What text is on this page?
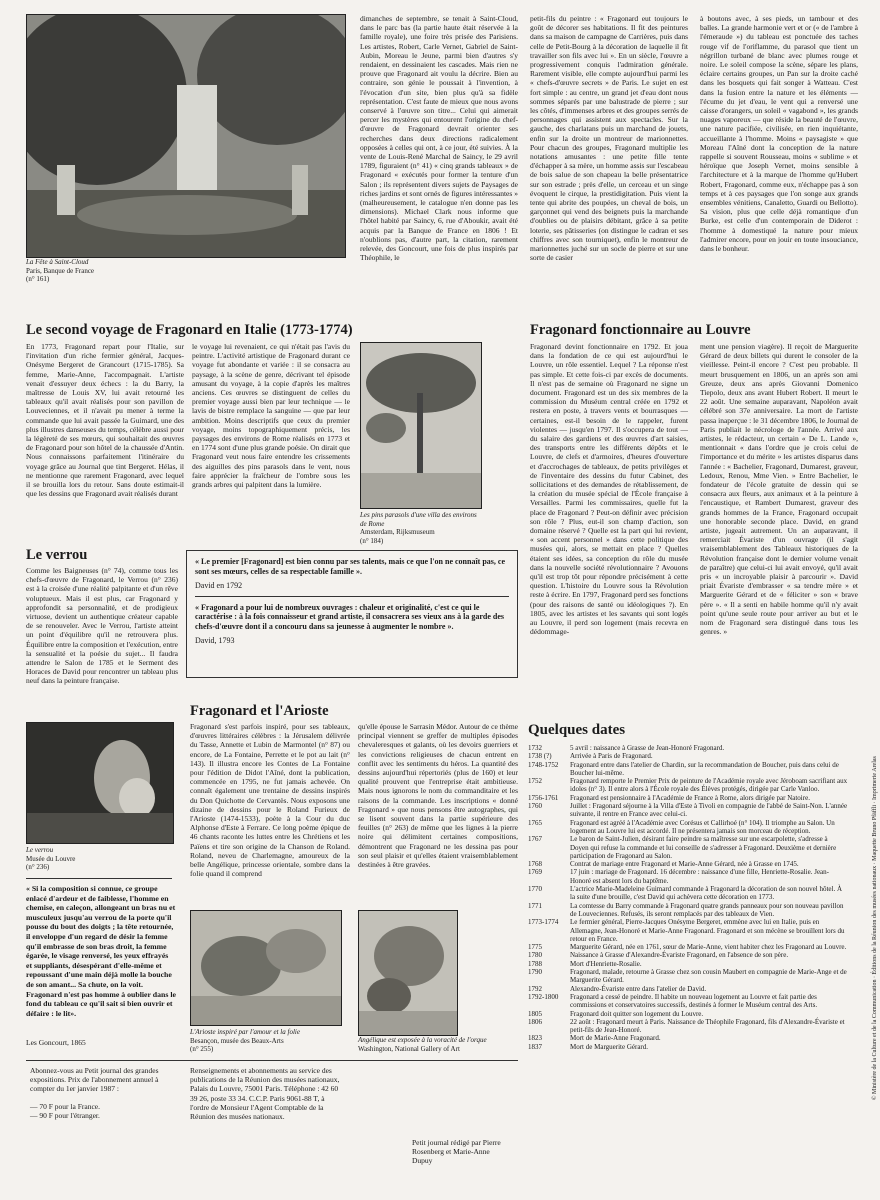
La Fête à Saint-Cloud
Paris, Banque de France
(n° 161)
dimanches de septembre, se tenait à Saint-Cloud, dans le parc bas (la partie haute était réservée à la famille royale), une foire très prisée des Parisiens. Les artistes, Robert, Carle Vernet, Gabriel de Saint-Aubin, Moreau le Jeune, parmi bien d'autres s'y rendaient, en dessinaient les cascades. Mais rien ne prouve que Fragonard ait voulu la décrire. Bien au contraire, son génie le poussait à l'invention, à l'évocation d'un site, bien plus qu'à sa fidèle représentation. C'est faute de mieux que nous avons conservé à l'œuvre son titre... Celui qui aimerait percer les mystères qui entourent l'origine du chef-d'œuvre de Fragonard devrait orienter ses recherches dans deux directions radicalement opposées à celles qui ont, à ce jour, été suivies. À la vente de Louis-René Marchal de Saincy, le 29 avril 1789, figuraient (n° 41) « cinq grands tableaux » de Fragonard « exécutés pour former la tenture d'un Salon ; ils représentent divers sujets de Paysages de riches jardins et sont ornés de figures intéressantes » (malheureusement, le catalogue n'en donne pas les dimensions). Michael Clark nous informe que l'hôtel habité par Saincy, 6, rue d'Aboukir, avait été acquis par la Banque de France en 1806 ! Et n'oublions pas, d'autre part, la citation, rarement relevée, des Goncourt, une fois de plus inspirés par Théophile, le
petit-fils du peintre : « Fragonard eut toujours le goût de décorer ses habitations. Il fit des peintures dans sa maison de campagne de Carrières, puis dans celle de Petit-Bourg à la décoration de laquelle il fit travailler son fils avec lui ». En un siècle, l'œuvre a progressivement conquis l'admiration générale. Rarement visible, elle compte aujourd'hui parmi les « chefs-d'œuvre secrets » de Paris. Le sujet en est fort simple : au centre, un grand jet d'eau dont nous sommes séparés par une balustrade de pierre ; sur les côtés, d'immenses arbres et des groupes serrés de personnages qui assistent aux spectacles. Sur la gauche, des charlatans puis un marchand de jouets, enfin sur la droite un montreur de marionnettes. Pour chacun des groupes, Fragonard multiplie les notations amusantes : une petite fille tente d'échapper à sa mère, un homme assis sur l'escabeau de bois salue de son chapeau la belle présentatrice sur son estrade ; près d'elle, un cerceau et un singe évoquent le cirque, la prestidigitation. Puis vient la tente qui abrite des poupées, un cheval de bois, un garçonnet qui vend des beignets puis la marchande d'oublies ou de plaisirs débitant, grâce à sa petite loterie, ses pâtisseries (on distingue le cadran et ses chiffres avec son tourniquet), enfin le montreur de marionnettes juché sur un socle de pierre et sur une sorte de casier
à boutons avec, à ses pieds, un tambour et des balles. La grande harmonie vert et or (« de l'ambre à l'émeraude ») du tableau est ponctuée des taches rouge vif de l'oriflamme, du parasol que tient un négrillon turbané de blanc avec plumes rouge et noire. Le soleil compose la scène, sépare les plans, éclaire certains groupes, un Pan sur la droite caché dans les bosquets qui fait songer à Watteau. C'est dans la fusion entre la nature et les éléments — l'écume du jet d'eau, le vent qui a renversé une caisse d'orangers, un soleil « vagabond », les grands nuages vaporeux — que réside la beauté de l'œuvre, une nature pacifiée, civilisée, en rien inquiétante, accueillante à l'homme. Moins « paysagiste » que Moreau l'Aîné dont la conception de la nature rappelle si souvent Rousseau, moins « sublime » et héroïque que Joseph Vernet, moins sensible à l'architecture et à la marque de l'homme qu'Hubert Robert, Fragonard, comme eux, n'échappe pas à son temps et à ces paysages que l'on songe aux grands ensembles vénitiens, Canaletto, Guardi ou Bellotto). Sa vision, plus que celle déjà romantique d'un Burke, est celle d'un contemporain de Diderot : l'homme à domestiqué la nature pour mieux l'admirer encore, pour en jouir en toute insouciance, dans le bonheur.
Le second voyage de Fragonard en Italie (1773-1774)
En 1773, Fragonard repart pour l'Italie, sur l'invitation d'un riche fermier général, Jacques-Onésyme Bergeret de Grancourt (1715-1785). Sa femme, Marie-Anne, l'accompagnait. L'artiste venait d'essuyer deux échecs : la du Barry, la maîtresse de Louis XV, lui avait retourné les tableaux qu'il avait réalisés pour son pavillon de Louveciennes, et il n'avait pu mener à terme la commande que lui avait passée la Guimard, une des plus illustres danseuses du temps, célèbre aussi pour la légèreté de ses mœurs, qui souhaitait des œuvres de Fragonard pour son hôtel de la chaussée d'Antin. Nous connaissons parfaitement l'itinéraire du voyage grâce au Journal que tint Bergeret. Hélas, il ne mentionne que rarement Fragonard, avec lequel il se brouilla lors du retour. Sans doute estimait-il que les dessins que Fragonard avait réalisés durant
le voyage lui revenaient, ce qui n'était pas l'avis du peintre. L'activité artistique de Fragonard durant ce voyage fut abondante et variée : il se consacra au paysage, à la scène de genre, décrivant tel épisode amusant du voyage, à la copie d'après les maîtres anciens. Ces œuvres se distinguent de celles du premier voyage aussi bien par leur technique — le lavis de bistre remplace la sanguine — que par leur ambition. Moins descriptifs que ceux du premier voyage, moins topographiquement précis, les paysages des environs de Rome réalisés en 1773 et en 1774 sont d'une plus grande poésie. On dirait que Fragonard veut nous faire entendre les crissements des aiguilles des pins parasols dans le vent, nous faire apprécier la fraîcheur de l'ombre sous les grands arbres qui palpitent dans la lumière.
Les pins parasols d'une villa des environs de Rome
Amsterdam, Rijksmuseum
(n° 184)
Fragonard fonctionnaire au Louvre
Fragonard devint fonctionnaire en 1792. Et joua dans la fondation de ce qui est aujourd'hui le Louvre, un rôle essentiel. Lequel ? La réponse n'est pas simple. Et cette fois-ci par excès de documents. Il n'est pas de semaine où Fragonard ne signe un document. Fragonard est un des six membres de la commission du Muséum central créée en 1792 et restera en poste, à travers vents et bourrasques — certaines, est-il besoin de le rappeler, furent violentes — jusqu'en 1797. Il s'occupera de tout — du salaire des gardiens et des œuvres d'art saisies, des transports entre les différents dépôts et le Louvre, de clefs et d'armoires, d'heures d'ouverture et d'accrochages de tableaux, de petits privilèges et de l'inventaire des dessins du futur Cabinet, des sollicitations et des demandes de rétablissement, de la création du musée spécial de l'École française à Versailles. Parmi les commissaires, quelle fut la place de Fragonard ? Peut-on définir avec précision son rôle ? Plus, eut-il son champ d'action, son domaine réservé ? Quelle est la part qui lui revient, « son accent personnel » dans cette politique des musées qui, alors, se mettait en place ? Quelles étaient ses idées, sa conception du rôle du musée dans la nouvelle société révolutionnaire ? Avouons qu'il est trop tôt pour répondre précisément à cette question. L'histoire du Louvre sous la Révolution reste à écrire. En 1797, Fragonard perd ses fonctions (pour des raisons de santé ou idéologiques ?). En 1805, avec les artistes et les savants qui sont logés au Louvre, il perd son logement (mais recevra en dédommage-
ment une pension viagère). Il reçoit de Marguerite Gérard de deux billets qui durent le consoler de la vieillesse. Peint-il encore ? C'est peu probable. Il meurt brusquement en 1806, un an après son ami Greuze, deux ans après Giovanni Domenico Tiepolo, deux ans avant Hubert Robert. Il meurt le 22 août. Une semaine auparavant, Napoléon avait célébré son 37e anniversaire. La mort de l'artiste passa inaperçue : le 31 décembre 1806, le Journal de Paris publiait le nécrologe de l'année. Arrivé aux artistes, le rédacteur, un certain « De L. Lande », mentionnait « dans l'ordre que je crois celui de l'importance et du mérite » les artistes disparus dans l'année : « Bachelier, Fragonard, Dumarest, graveur, Ledoux, Renou, Mme Vien. » Entre Bachelier, le fondateur de l'école gratuite de dessin qui se consacra aux fleurs, aux animaux et à la peinture à l'encaustique, et Rambert Dumarest, graveur des grands hommes de la France, Fragonard occupait une honorable seconde place. David, en grand artiste, jugeait autrement. Un an auparavant, il remerciait Évariste d'un ouvrage (il s'agit vraisemblablement des Tableaux historiques de la Révolution française dont le dernier volume venait de paraître) que celui-ci lui avait envoyé, qu'il avait pris « un incroyable plaisir à parcourir ». David priait Évariste d'embrasser « sa tendre mère » et Marguerite Gérard et de « féliciter » son « brave père ». « Il a senti en habile homme qu'il n'y avait point qu'une seule route pour arriver au but et le nom de Fragonard sera distingué dans tous les genres. »
Le verrou
Comme les Baigneuses (n° 74), comme tous les chefs-d'œuvre de Fragonard, le Verrou (n° 236) est à la croisée d'une réalité palpitante et d'un rêve voluptueux. Mais il est plus, car Fragonard y approfondit sa personnalité, et de prodigieux virtuose, devient un authentique créateur capable de se renouveler. Avec le Verrou, l'artiste atteint un point d'équilibre qu'il ne retrouvera plus. Équilibre entre la composition et l'exécution, entre la sensualité et la poésie du sujet... Il faudra attendre le Salon de 1785 et le Serment des Horaces de David pour rencontrer un tableau plus neuf dans la peinture française.
« Le premier [Fragonard] est bien connu par ses talents, mais ce que l'on ne connaît pas, ce sont ses mœurs, celles de sa respectable famille ».
David en 1792
« Fragonard a pour lui de nombreux ouvrages : chaleur et originalité, c'est ce qui le caractérise : à la fois connaisseur et grand artiste, il consacrera ses vieux ans à la garde des chefs-d'œuvre dont il a concouru dans sa jeunesse à augmenter le nombre ».
David, 1793
Fragonard et l'Arioste
Fragonard s'est parfois inspiré, pour ses tableaux, d'œuvres littéraires célèbres : la Jérusalem délivrée du Tasse, Annette et Lubin de Marmontel (n° 87) ou encore, de La Fontaine, Perrette et le pot au lait (n° 143). Il illustra encore les Contes de La Fontaine pour l'édition de Didot l'Aîné, dont la publication, commencée en 1795, ne fut jamais achevée. On connaît également une trentaine de dessins inspirés du Don Quichotte de Cervantès. Nous exposons une dizaine de dessins pour le Roland Furieux de l'Arioste (1474-1533), poète à la Cour du duc Alphonse d'Este à Ferrare. Ce long poème épique de 46 chants raconte les luttes entre les Chrétiens et les Païens et tire son origine de la Chanson de Roland. Roland, neveu de Charlemagne, amoureux de la belle Angélique, princesse orientale, sombre dans la folie quand il comprend
qu'elle épouse le Sarrasin Médor. Autour de ce thème principal viennent se greffer de multiples épisodes chevaleresques et galants, où les devoirs guerriers et les convictions religieuses de chacun entrent en conflit avec les sentiments du héros. La quantité des dessins aujourd'hui répertoriés (plus de 160) et leur qualité prouvent que l'entreprise était ambitieuse. Mais nous ignorons le nom du commanditaire et les raisons de la commande. Les inscriptions « donné Fragonard » que nous pensons être autographes, qui se lisent souvent dans la partie supérieure des feuilles (n° 263) de même que les lignes à la pierre noire qui délimitent certaines compositions, démontrent que Fragonard ne les dessina pas pour son seul plaisir et qu'elles étaient vraisemblablement destinées à être gravées.
L'Arioste inspiré par l'amour et la folie
Besançon, musée des Beaux-Arts
(n° 255)
Angélique est exposée à la voracité de l'orque
Washington, National Gallery of Art
Le verrou
Musée du Louvre
(n° 236)
« Si la composition si connue, ce groupe enlacé d'ardeur et de faiblesse, l'homme en chemise, en caleçon, allongeant un bras nu et musculeux jusqu'au verrou de la porte qu'il pousse du bout des doigts ; la tête retournée, il enveloppe d'un regard de désir la femme qu'il embrasse de son bras droit, la femme égarée, le visage renversé, les yeux effrayés et suppliants, désespérant d'elle-même et repoussant d'une main déjà molle la bouche de son amant... Sa chute, on la voit. Fragonard n'est pas homme à oublier dans le fond du tableau ce qu'il sait si bien ouvrir et défaire : le lit».
Les Goncourt, 1865
Quelques dates
1732	5 avril : naissance à Grasse de Jean-Honoré Fragonard.
1738 (?)	Arrivée à Paris de Fragonard.
1748-1752	Fragonard entre dans l'atelier de Chardin, sur la recommandation de Boucher, puis dans celui de Boucher lui-même.
1752	Fragonard remporte le Premier Prix de peinture de l'Académie royale avec Jéroboam sacrifiant aux idoles (n° 3). Il entre alors à l'École royale des Élèves protégés, dirigée par Carle Vanloo.
1756-1761	Fragonard est pensionnaire à l'Académie de France à Rome, alors dirigée par Natoire.
1760	Juillet : Fragonard séjourne à la Villa d'Este à Tivoli en compagnie de l'abbé de Saint-Non. L'année suivante, il rentre en France avec celui-ci.
1765	Fragonard est agréé à l'Académie avec Corésus et Callirhoé (n° 104). Il triomphe au Salon. Un logement au Louvre lui est accordé. Il ne présentera jamais son morceau de réception.
1767	Le baron de Saint-Julien, désirant faire peindre sa maîtresse sur une escarpolette, s'adresse à Doyen qui refuse la commande et lui conseille de s'adresser à Fragonard. Deuxième et dernière participation de Fragonard au Salon.
1768	Contrat de mariage entre Fragonard et Marie-Anne Gérard, née à Grasse en 1745.
1769	17 juin : mariage de Fragonard. 16 décembre : naissance d'une fille, Henriette-Rosalie. Jean-Honoré est absent lors du baptême.
1770	L'actrice Marie-Madeleine Guimard commande à Fragonard la décoration de son nouvel hôtel. À la suite d'une brouille, c'est David qui achèvera cette décoration en 1773.
1771	La comtesse du Barry commande à Fragonard quatre grands panneaux pour son nouveau pavillon de Louveciennes. Refusés, ils seront remplacés par des tableaux de Vien.
1773-1774	Le fermier général, Pierre-Jacques Onésyme Bergeret, emmène avec lui en Italie, puis en Allemagne, Jean-Honoré et Marie-Anne Fragonard. Fragonard et son mécène se brouillent lors du retour en France.
1775	Marguerite Gérard, née en 1761, sœur de Marie-Anne, vient habiter chez les Fragonard au Louvre.
1780	Naissance à Grasse d'Alexandre-Évariste Fragonard, en l'absence de son père.
1788	Mort d'Henriette-Rosalie.
1790	Fragonard, malade, retourne à Grasse chez son cousin Maubert en compagnie de Marie-Ange et de Marguerite Gérard.
1792	Alexandre-Évariste entre dans l'atelier de David.
1792-1800	Fragonard a cessé de peindre. Il habite un nouveau logement au Louvre et fait partie des commissions et conservatoires successifs, destinés à former le Muséum central des Arts.
1805	Fragonard doit quitter son logement du Louvre.
1806	22 août : Fragonard meurt à Paris. Naissance de Théophile Fragonard, fils d'Alexandre-Évariste et petit-fils de Jean-Honoré.
1823	Mort de Marie-Anne Fragonard.
1837	Mort de Marguerite Gérard.
Abonnez-vous au Petit journal des grandes expositions. Prix de l'abonnement annuel à compter du 1er janvier 1987 :
— 70 F pour la France.
— 90 F pour l'étranger.
Renseignements et abonnements au service des publications de la Réunion des musées nationaux, Palais du Louvre, 75001 Paris. Téléphone : 42 60 39 26, poste 33 34. C.C.P. Paris 9061-88 T, à l'ordre de Monsieur l'Agent Comptable de la Réunion des musées nationaux.
Petit journal rédigé par Pierre Rosenberg et Marie-Anne Dupuy
© Ministère de la Culture et de la Communication · Éditions de la Réunion des musées nationaux · Maquette Bruno Pfäffli · Imprimerie Arelas
